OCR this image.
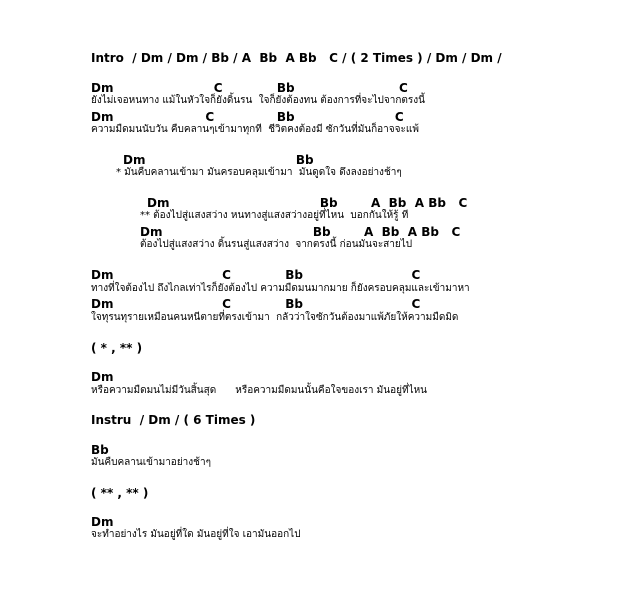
Intro  / Dm / Dm / Bb / A  Bb  A Bb   C / ( 2 Times ) / Dm / Dm /
Dm                        C             Bb                         C
ยังไม่เจอหนทาง แม้ในหัวใจก็ยังดิ้นรน  ใจก็ยังต้องทน ต้องการที่จะไปจากตรงนี้
Dm                      C               Bb                        C
ความมืดมนนับวัน คืบคลานๆเข้ามาทุกที  ชีวิตคงต้องมี ซักวันที่มันก็อาจจะแพ้
Dm                                    Bb
* มันคืบคลานเข้ามา มันครอบคลุมเข้ามา  มันดูดใจ ดึงลงอย่างช้าๆ
Dm                                    Bb        A  Bb  A Bb   C
** ต้องไปสู่แสงสว่าง หนทางสู่แสงสว่างอยู่ที่ไหน  บอกกันให้รู้ ที
Dm                                    Bb        A  Bb  A Bb   C
ต้องไปสู่แสงสว่าง ดิ้นรนสู่แสงสว่าง  จากตรงนี้ ก่อนมันจะสายไป
Dm                          C             Bb                          C
ทางที่ใจต้องไป ถึงไกลเท่าไรก็ยังต้องไป ความมืดมนมากมาย ก็ยังครอบคลุมและเข้ามาหา
Dm                          C             Bb                          C
ใจทุรนทุรายเหมือนคนหนีตายที่ตรงเข้ามา  กลัวว่าใจซักวันต้องมาแพ้ภัยให้ความมืดมิด
( * , ** )
Dm
หรือความมืดมนไม่มีวันสิ้นสุด      หรือความมืดมนนั้นคือใจของเรา มันอยู่ที่ไหน
Instru  / Dm / ( 6 Times )
Bb
มันคืบคลานเข้ามาอย่างช้าๆ
( ** , ** )
Dm
จะทำอย่างไร มันอยู่ที่ใด มันอยู่ที่ใจ เอามันออกไป
